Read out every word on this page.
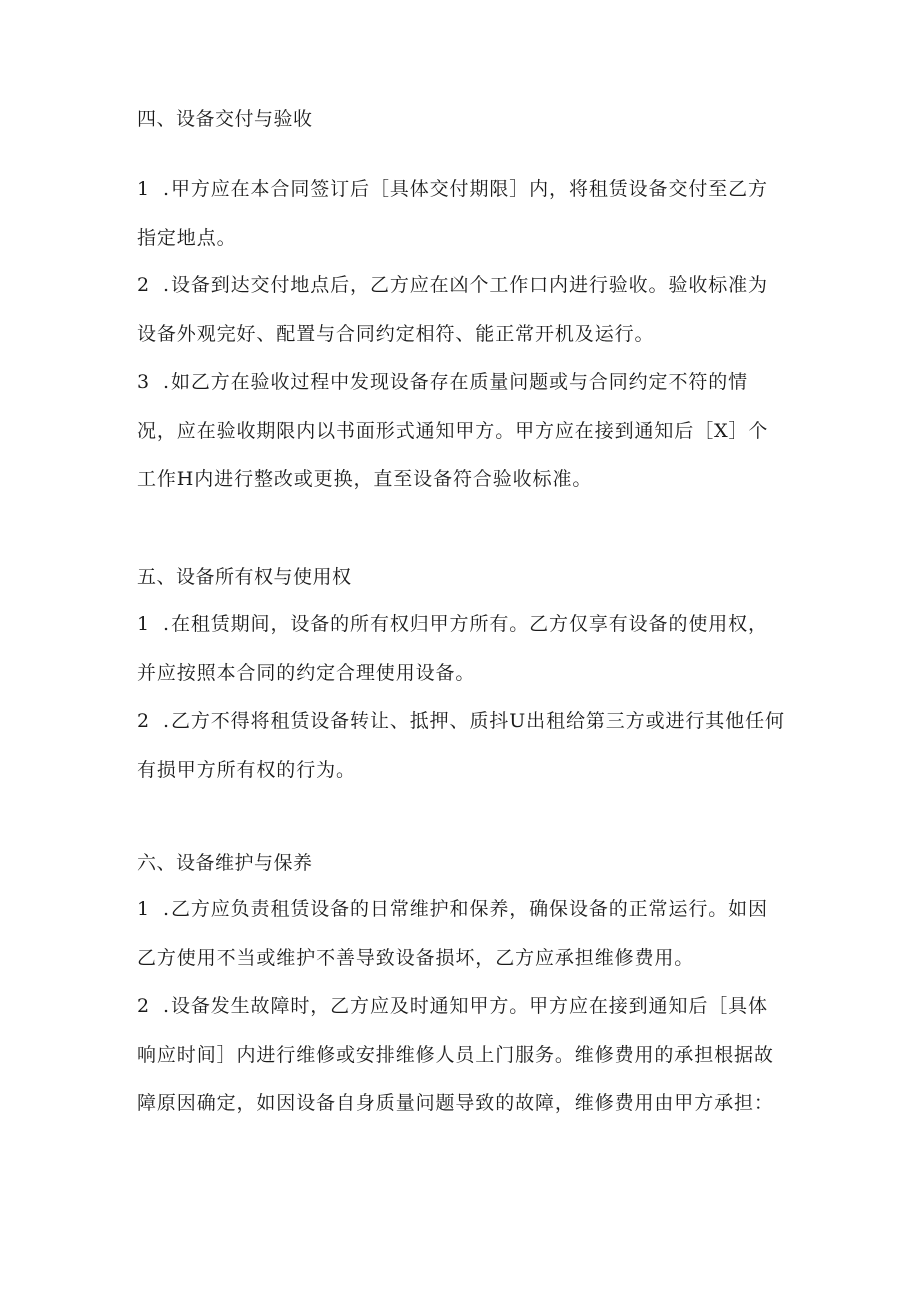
四、设备交付与验收
1 .甲方应在本合同签订后［具体交付期限］内，将租赁设备交付至乙方指定地点。
2 .设备到达交付地点后，乙方应在凶个工作口内进行验收。验收标准为设备外观完好、配置与合同约定相符、能正常开机及运行。
3 .如乙方在验收过程中发现设备存在质量问题或与合同约定不符的情况，应在验收期限内以书面形式通知甲方。甲方应在接到通知后［X］个工作H内进行整改或更换，直至设备符合验收标准。
五、设备所有权与使用权
1 .在租赁期间，设备的所有权归甲方所有。乙方仅享有设备的使用权，并应按照本合同的约定合理使用设备。
2 .乙方不得将租赁设备转让、抵押、质抖U出租给第三方或进行其他任何有损甲方所有权的行为。
六、设备维护与保养
1 .乙方应负责租赁设备的日常维护和保养，确保设备的正常运行。如因乙方使用不当或维护不善导致设备损坏，乙方应承担维修费用。
2 .设备发生故障时，乙方应及时通知甲方。甲方应在接到通知后［具体响应时间］内进行维修或安排维修人员上门服务。维修费用的承担根据故障原因确定，如因设备自身质量问题导致的故障，维修费用由甲方承担：
